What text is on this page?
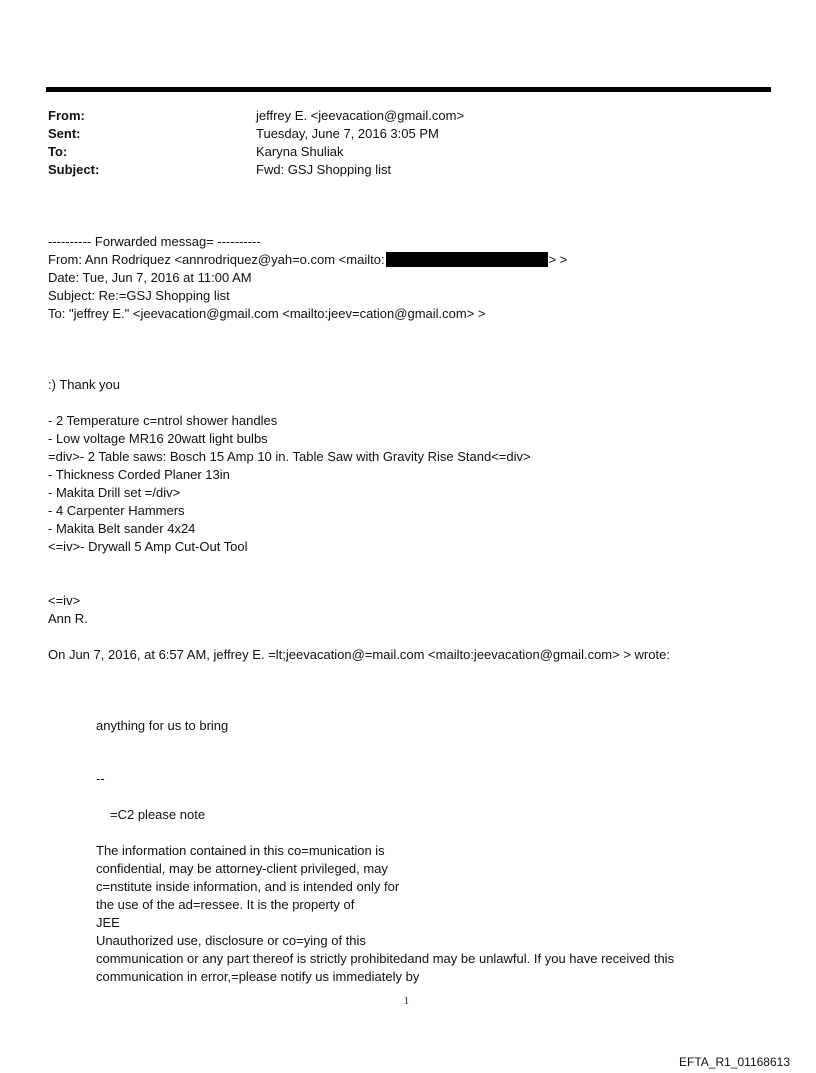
From:	jeffrey E. <jeevacation@gmail.com>
Sent:	Tuesday, June 7, 2016 3:05 PM
To:	Karyna Shuliak
Subject:	Fwd: GSJ Shopping list
---------- Forwarded messag= ----------
From: Ann Rodriquez <annrodriquez@yah=o.com <mailto:	> >
Date: Tue, Jun 7, 2016 at 11:00 AM
Subject: Re:=GSJ Shopping list
To: "jeffrey E." <jeevacation@gmail.com <mailto:jeev=cation@gmail.com> >
:) Thank you
- 2 Temperature c=ntrol shower handles
- Low voltage MR16 20watt light bulbs
=div>- 2 Table saws: Bosch 15 Amp 10 in. Table Saw with Gravity Rise Stand<=div>
- Thickness Corded Planer 13in
- Makita Drill set =/div>
- 4 Carpenter Hammers
- Makita Belt sander 4x24
<=iv>- Drywall 5 Amp Cut-Out Tool
<=iv>
Ann R.
On Jun 7, 2016, at 6:57 AM, jeffrey E. =lt;jeevacation@=mail.com <mailto:jeevacation@gmail.com> > wrote:
anything for us to bring
--
=C2 please note
The information contained in this co=munication is
confidential, may be attorney-client privileged, may
c=nstitute inside information, and is intended only for
the use of the ad=ressee. It is the property of
JEE
Unauthorized use, disclosure or co=ying of this
communication or any part thereof is strictly prohibitedand may be unlawful. If you have received this
communication in error,=please notify us immediately by
1
EFTA_R1_01168613
